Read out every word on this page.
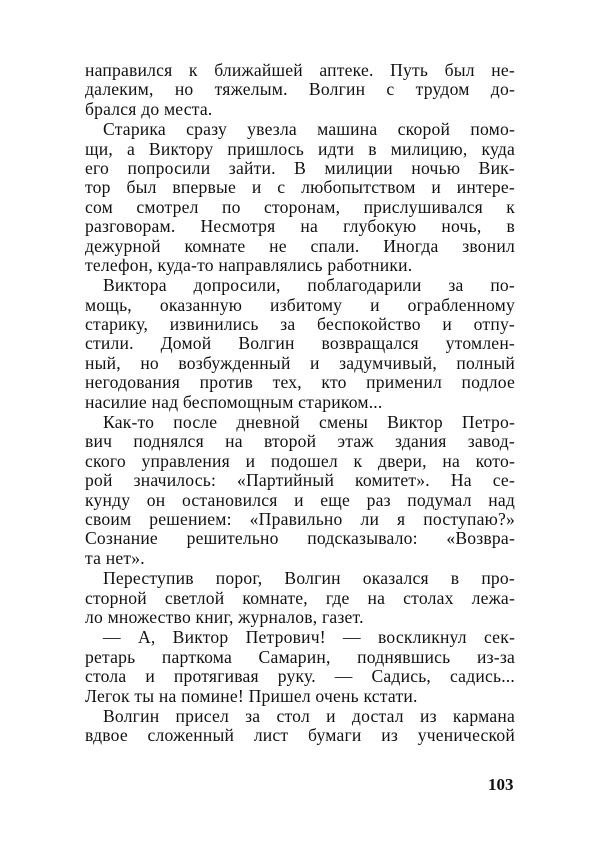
направился к ближайшей аптеке. Путь был не-
далеким, но тяжелым. Волгин с трудом до-
брался до места.
Старика сразу увезла машина скорой помо-
щи, а Виктору пришлось идти в милицию, куда
его попросили зайти. В милиции ночью Вик-
тор был впервые и с любопытством и интере-
сом смотрел по сторонам, прислушивался к
разговорам. Несмотря на глубокую ночь, в
дежурной комнате не спали. Иногда звонил
телефон, куда-то направлялись работники.
Виктора допросили, поблагодарили за по-
мощь, оказанную избитому и ограбленному
старику, извинились за беспокойство и отпу-
стили. Домой Волгин возвращался утомлен-
ный, но возбужденный и задумчивый, полный
негодования против тех, кто применил подлое
насилие над беспомощным стариком...
Как-то после дневной смены Виктор Петро-
вич поднялся на второй этаж здания завод-
ского управления и подошел к двери, на кото-
рой значилось: «Партийный комитет». На се-
кунду он остановился и еще раз подумал над
своим решением: «Правильно ли я поступаю?»
Сознание решительно подсказывало: «Возвра-
та нет».
Переступив порог, Волгин оказался в про-
сторной светлой комнате, где на столах лежа-
ло множество книг, журналов, газет.
— А, Виктор Петрович! — воскликнул сек-
ретарь парткома Самарин, поднявшись из-за
стола и протягивая руку. — Садись, садись...
Легок ты на помине! Пришел очень кстати.
Волгин присел за стол и достал из кармана
вдвое сложенный лист бумаги из ученической
103
